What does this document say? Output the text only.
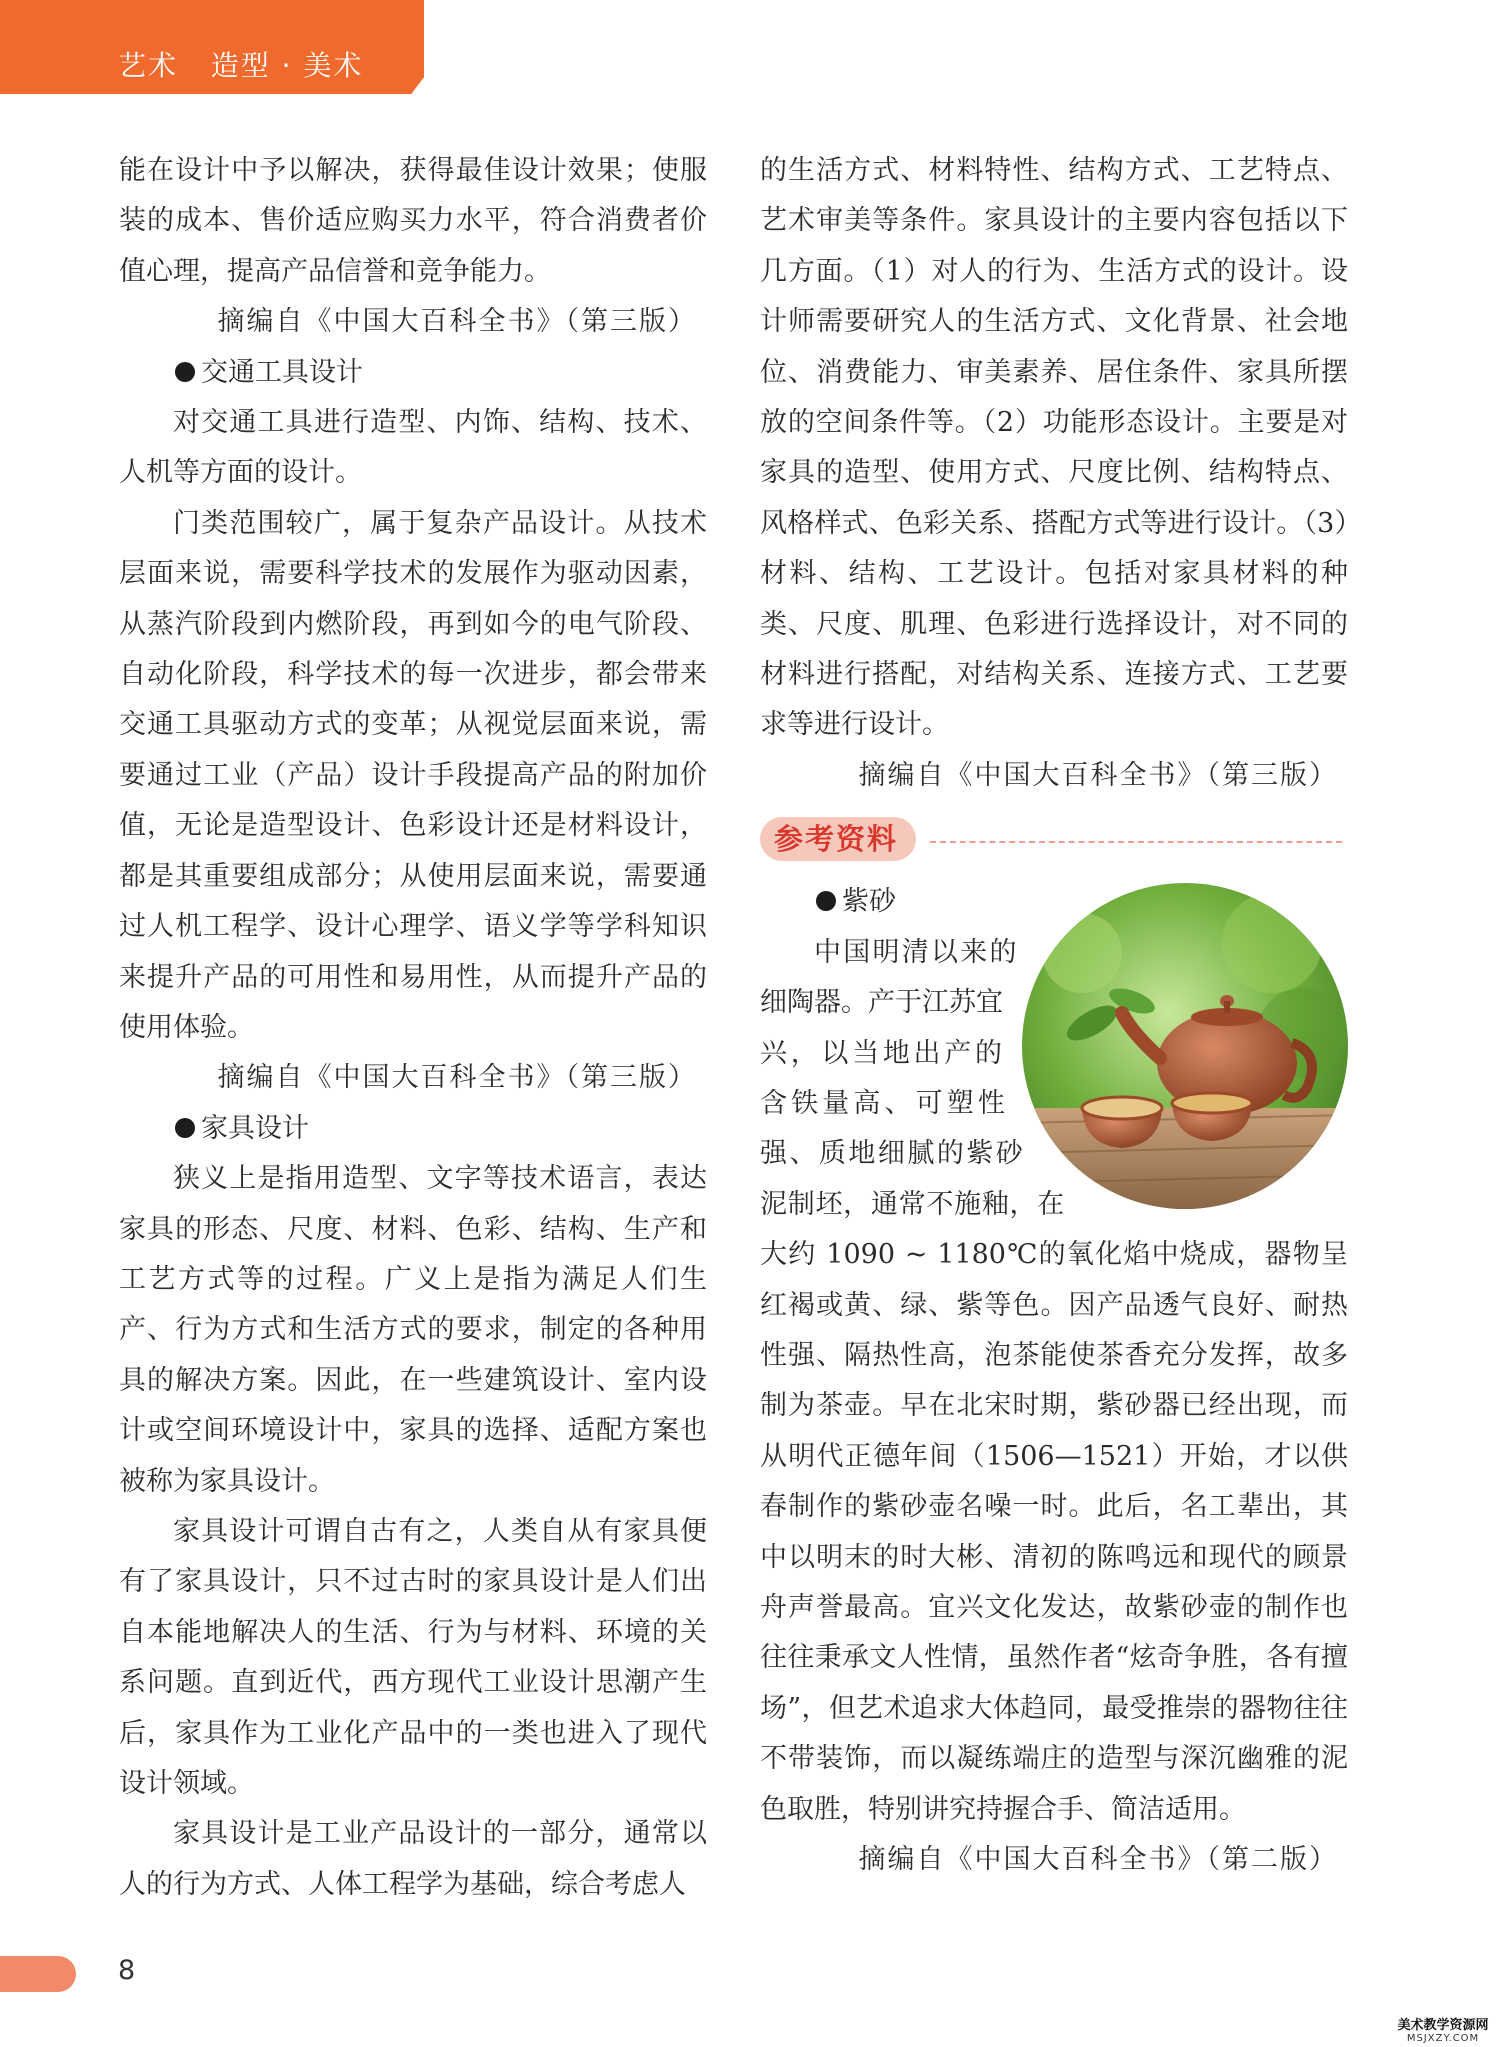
艺术   造型 · 美术

能在设计中予以解决，获得最佳设计效果；使服装的成本、售价适应购买力水平，符合消费者价值心理，提高产品信誉和竞争能力。

摘编自《中国大百科全书》（第三版）

交通工具设计

对交通工具进行造型、内饰、结构、技术、人机等方面的设计。

门类范围较广，属于复杂产品设计。从技术层面来说，需要科学技术的发展作为驱动因素，从蒸汽阶段到内燃阶段，再到如今的电气阶段、自动化阶段，科学技术的每一次进步，都会带来交通工具驱动方式的变革；从视觉层面来说，需要通过工业（产品）设计手段提高产品的附加价值，无论是造型设计、色彩设计还是材料设计，都是其重要组成部分；从使用层面来说，需要通过人机工程学、设计心理学、语义学等学科知识来提升产品的可用性和易用性，从而提升产品的使用体验。

摘编自《中国大百科全书》（第三版）

家具设计

狭义上是指用造型、文字等技术语言，表达家具的形态、尺度、材料、色彩、结构、生产和工艺方式等的过程。广义上是指为满足人们生产、行为方式和生活方式的要求，制定的各种用具的解决方案。因此，在一些建筑设计、室内设计或空间环境设计中，家具的选择、适配方案也被称为家具设计。

家具设计可谓自古有之，人类自从有家具便有了家具设计，只不过古时的家具设计是人们出自本能地解决人的生活、行为与材料、环境的关系问题。直到近代，西方现代工业设计思潮产生后，家具作为工业化产品中的一类也进入了现代设计领域。

家具设计是工业产品设计的一部分，通常以人的行为方式、人体工程学为基础，综合考虑人

的生活方式、材料特性、结构方式、工艺特点、艺术审美等条件。家具设计的主要内容包括以下几方面。（1）对人的行为、生活方式的设计。设计师需要研究人的生活方式、文化背景、社会地位、消费能力、审美素养、居住条件、家具所摆放的空间条件等。（2）功能形态设计。主要是对家具的造型、使用方式、尺度比例、结构特点、风格样式、色彩关系、搭配方式等进行设计。（3）材料、结构、工艺设计。包括对家具材料的种类、尺度、肌理、色彩进行选择设计，对不同的材料进行搭配，对结构关系、连接方式、工艺要求等进行设计。

摘编自《中国大百科全书》（第三版）

参考资料

紫砂

中国明清以来的细陶器。产于江苏宜兴，以当地出产的含铁量高、可塑性强、质地细腻的紫砂泥制坯，通常不施釉，在大约 1090 ~ 1180℃的氧化焰中烧成，器物呈红褐或黄、绿、紫等色。因产品透气良好、耐热性强、隔热性高，泡茶能使茶香充分发挥，故多制为茶壶。早在北宋时期，紫砂器已经出现，而从明代正德年间（1506—1521）开始，才以供春制作的紫砂壶名噪一时。此后，名工辈出，其中以明末的时大彬、清初的陈鸣远和现代的顾景舟声誉最高。宜兴文化发达，故紫砂壶的制作也往往秉承文人性情，虽然作者“炫奇争胜，各有擅场”，但艺术追求大体趋同，最受推崇的器物往往不带装饰，而以凝练端庄的造型与深沉幽雅的泥色取胜，特别讲究持握合手、简洁适用。

摘编自《中国大百科全书》（第二版）

8
美术教学资源网
MSJXZY.COM
